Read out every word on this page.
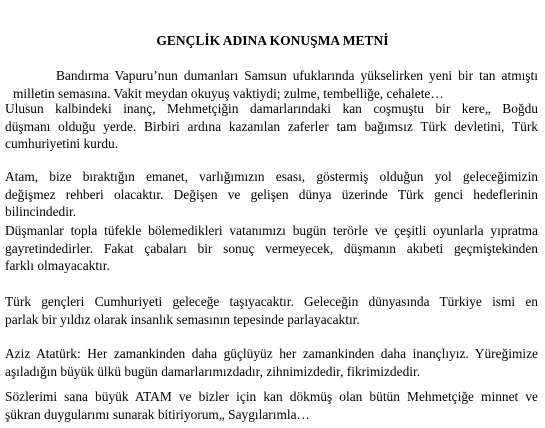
GENÇLİK ADINA KONUŞMA METNİ

Bandırma Vapuru’nun dumanları Samsun ufuklarında yükselirken yeni bir tan atmıştı
milletin semasına. Vakit meydan okuyuş vaktiydi; zulme, tembelliğe, cehalete…

Ulusun kalbindeki inanç, Mehmetçiğin damarlarındaki kan coşmuştu bir kere„ Boğdu
düşmanı olduğu yerde. Birbiri ardına kazanılan zaferler tam bağımsız Türk devletini, Türk
cumhuriyetini kurdu.

Atam, bize bıraktığın emanet, varlığımızın esası, göstermiş olduğun yol geleceğimizin
değişmez rehberi olacaktır. Değişen ve gelişen dünya üzerinde Türk genci hedeflerinin
bilincindedir.

Düşmanlar topla tüfekle bölemedikleri vatanımızı bugün terörle ve çeşitli oyunlarla yıpratma
gayretindedirler. Fakat çabaları bir sonuç vermeyecek, düşmanın akıbeti geçmiştekinden
farklı olmayacaktır.

Türk gençleri Cumhuriyeti geleceğe taşıyacaktır. Geleceğin dünyasında Türkiye ismi en
parlak bir yıldız olarak insanlık semasının tepesinde parlayacaktır.

Aziz Atatürk: Her zamankinden daha güçlüyüz her zamankinden daha inançlıyız. Yüreğimize
aşıladığın büyük ülkü bugün damarlarımızdadır, zihnimizdedir, fikrimizdedir.

Sözlerimi sana büyük ATAM ve bizler için kan dökmüş olan bütün Mehmetçiğe minnet ve
şükran duygularımı sunarak bitiriyorum„ Saygılarımla…
